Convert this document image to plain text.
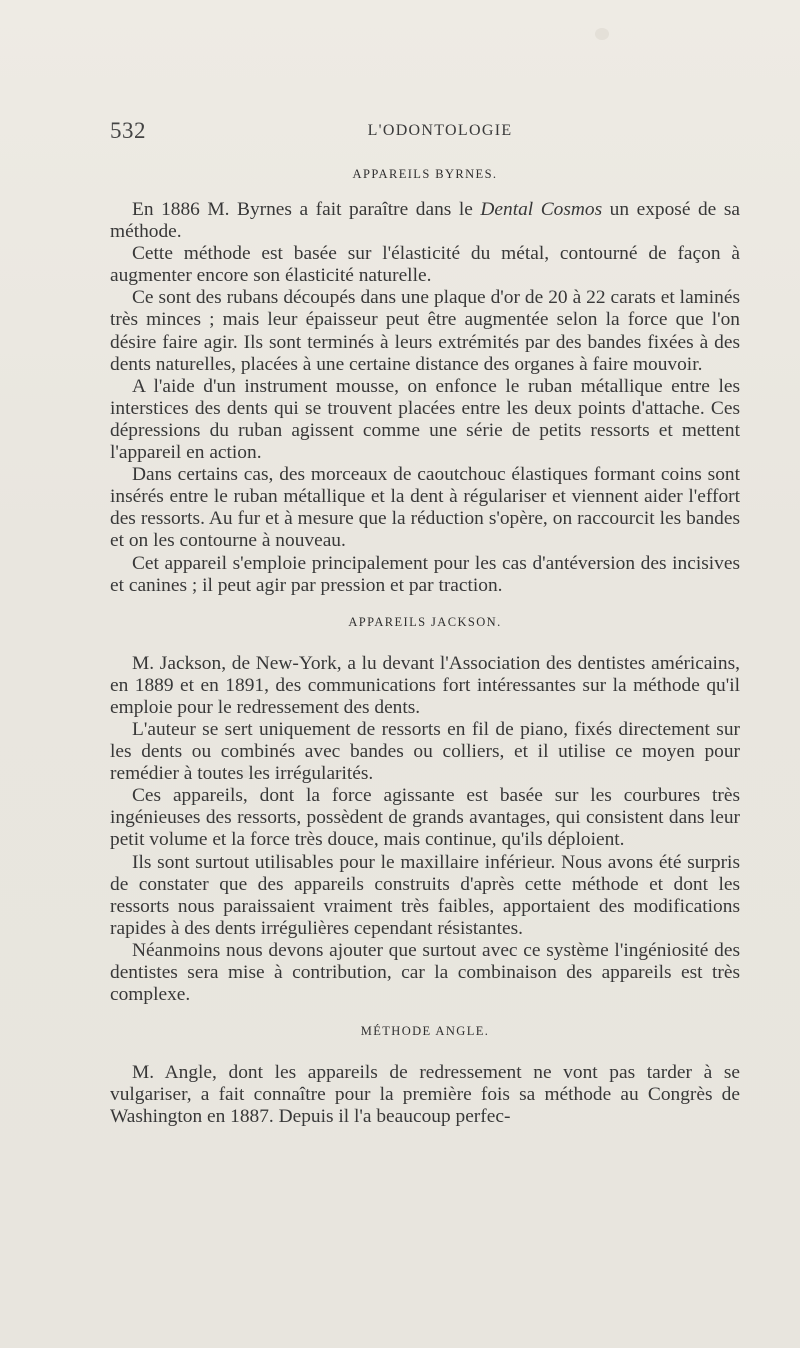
532	L'ODONTOLOGIE
APPAREILS BYRNES.

En 1886 M. Byrnes a fait paraître dans le Dental Cosmos un exposé de sa méthode.

Cette méthode est basée sur l'élasticité du métal, contourné de façon à augmenter encore son élasticité naturelle.

Ce sont des rubans découpés dans une plaque d'or de 20 à 22 carats et laminés très minces ; mais leur épaisseur peut être augmentée selon la force que l'on désire faire agir. Ils sont terminés à leurs extrémités par des bandes fixées à des dents naturelles, placées à une certaine distance des organes à faire mouvoir.

A l'aide d'un instrument mousse, on enfonce le ruban métallique entre les interstices des dents qui se trouvent placées entre les deux points d'attache. Ces dépressions du ruban agissent comme une série de petits ressorts et mettent l'appareil en action.

Dans certains cas, des morceaux de caoutchouc élastiques formant coins sont insérés entre le ruban métallique et la dent à régulariser et viennent aider l'effort des ressorts. Au fur et à mesure que la réduction s'opère, on raccourcit les bandes et on les contourne à nouveau.

Cet appareil s'emploie principalement pour les cas d'antéversion des incisives et canines ; il peut agir par pression et par traction.

APPAREILS JACKSON.

M. Jackson, de New-York, a lu devant l'Association des dentistes américains, en 1889 et en 1891, des communications fort intéressantes sur la méthode qu'il emploie pour le redressement des dents.

L'auteur se sert uniquement de ressorts en fil de piano, fixés directement sur les dents ou combinés avec bandes ou colliers, et il utilise ce moyen pour remédier à toutes les irrégularités.

Ces appareils, dont la force agissante est basée sur les courbures très ingénieuses des ressorts, possèdent de grands avantages, qui consistent dans leur petit volume et la force très douce, mais continue, qu'ils déploient.

Ils sont surtout utilisables pour le maxillaire inférieur. Nous avons été surpris de constater que des appareils construits d'après cette méthode et dont les ressorts nous paraissaient vraiment très faibles, apportaient des modifications rapides à des dents irrégulières cependant résistantes.

Néanmoins nous devons ajouter que surtout avec ce système l'ingéniosité des dentistes sera mise à contribution, car la combinaison des appareils est très complexe.

MÉTHODE ANGLE.

M. Angle, dont les appareils de redressement ne vont pas tarder à se vulgariser, a fait connaître pour la première fois sa méthode au Congrès de Washington en 1887. Depuis il l'a beaucoup perfec-
